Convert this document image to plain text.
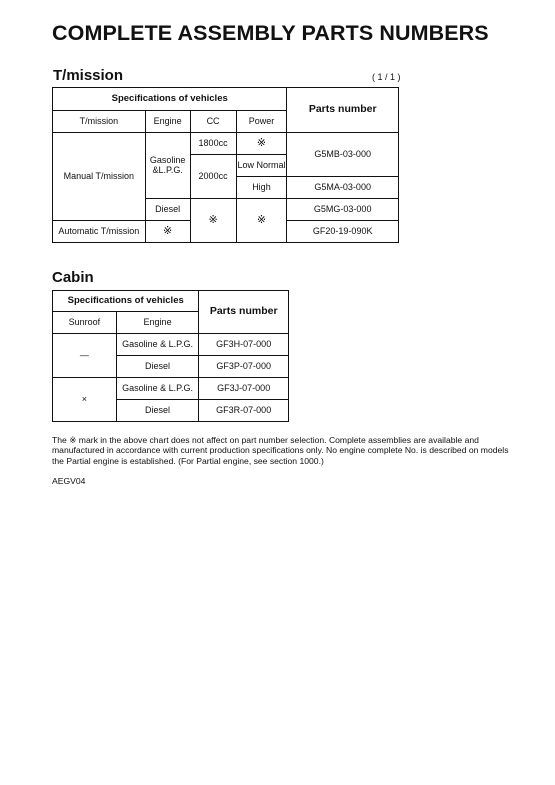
COMPLETE ASSEMBLY PARTS NUMBERS
T/mission	( 1 / 1 )
Specifications of vehicles				Parts number
T/mission	Engine	CC	Power	
Manual T/mission	Gasoline &L.P.G.	1800cc	※	G5MB-03-000
		2000cc	Low Normal	
			High	G5MA-03-000
	Diesel	※	※	G5MG-03-000
Automatic T/mission	※			GF20-19-090K
Cabin
Specifications of vehicles		Parts number
Sunroof	Engine	
—	Gasoline & L.P.G.	GF3H-07-000
	Diesel	GF3P-07-000
×	Gasoline & L.P.G.	GF3J-07-000
	Diesel	GF3R-07-000
The ※ mark in the above chart does not affect on part number selection. Complete assemblies are available and manufactured in accordance with current production specifications only. No engine complete No. is described on models the Partial engine is established. (For Partial engine, see section 1000.)
AEGV04
